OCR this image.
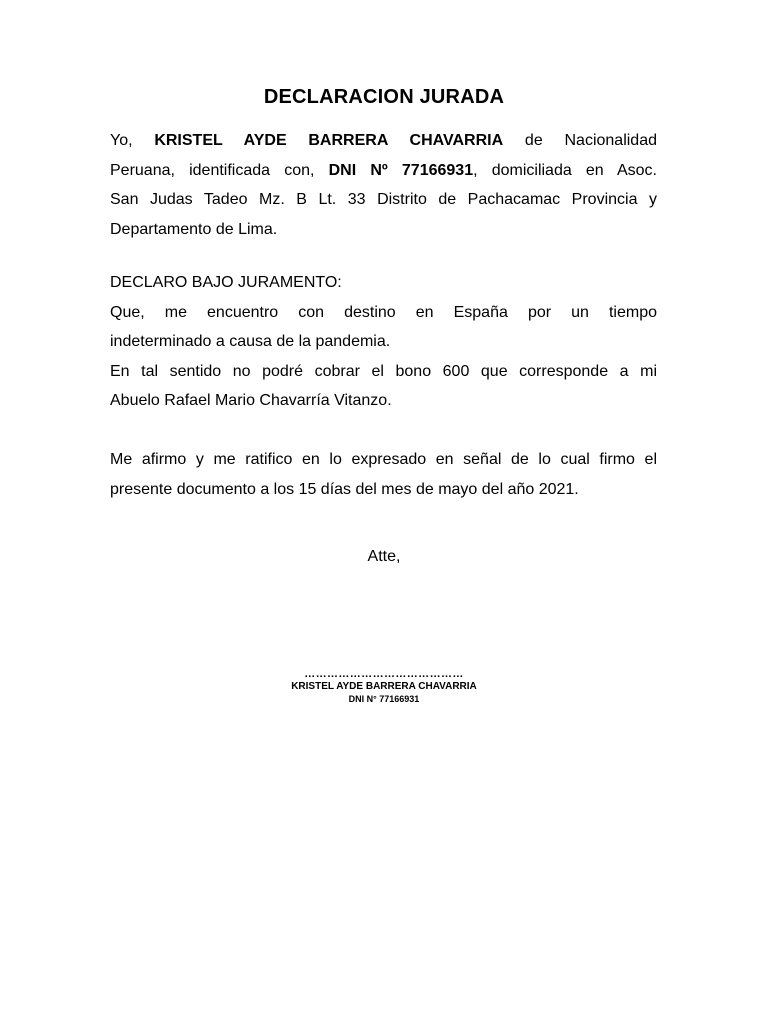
DECLARACION JURADA
Yo, KRISTEL AYDE BARRERA CHAVARRIA de Nacionalidad
Peruana, identificada con, DNI Nº 77166931, domiciliada en Asoc.
San Judas Tadeo Mz. B Lt. 33 Distrito de Pachacamac Provincia y
Departamento de Lima.
DECLARO BAJO JURAMENTO:
Que, me encuentro con destino en España por un tiempo
indeterminado a causa de la pandemia.
En tal sentido no podré cobrar el bono 600 que corresponde a mi
Abuelo Rafael Mario Chavarría Vitanzo.
Me afirmo y me ratifico en lo expresado en señal de lo cual firmo el
presente documento a los 15 días del mes de mayo del año 2021.
Atte,
……………………………………
KRISTEL AYDE BARRERA CHAVARRIA
DNI N° 77166931
